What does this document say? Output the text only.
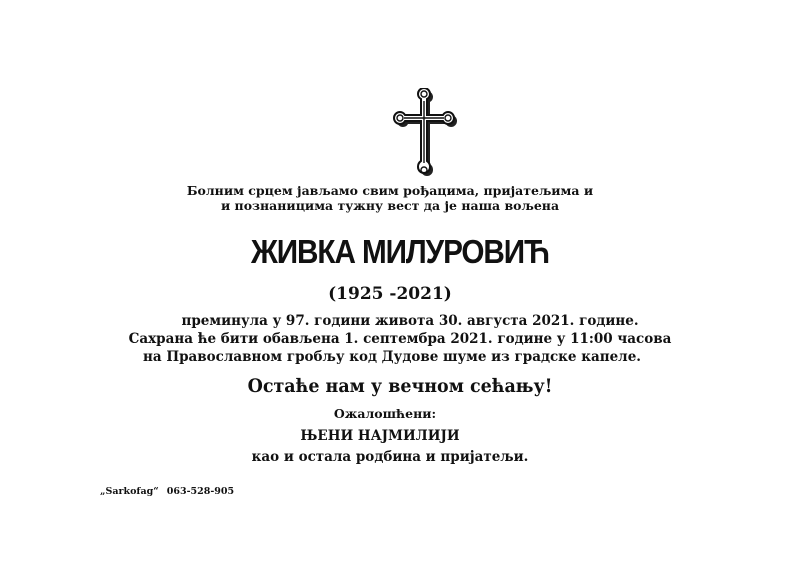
Болним срцем јављамо свим рођацима, пријатељима и
и познаницима тужну вест да је наша вољена
ЖИВКА МИЛУРОВИЋ
(1925 -2021)
преминула у 97. години живота 30. августа 2021. године.
Сахрана ће бити обављена 1. септембра 2021. године у 11:00 часова
на Православном гробљу код Дудове шуме из градске капеле.
Остаће нам у вечном сећању!
Ожалошћени:
ЊЕНИ НАЈМИЛИЈИ
као и остала родбина и пријатељи.
„Sarkofag“ 063-528-905
